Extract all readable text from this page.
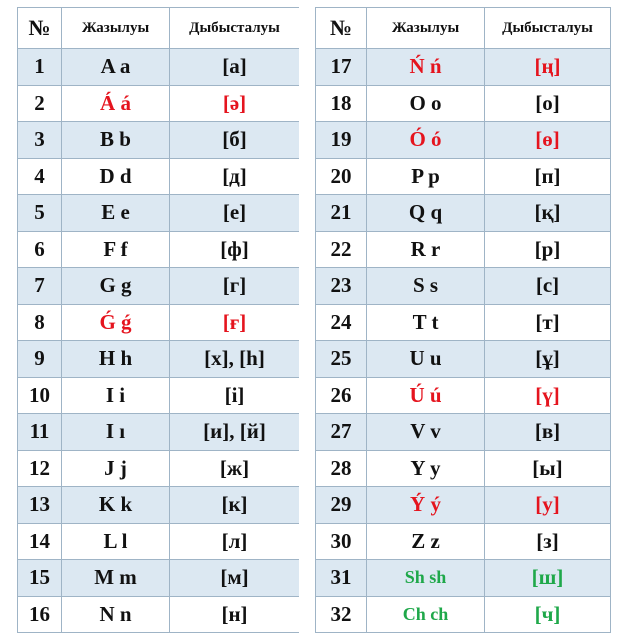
№	Жазылуы	Дыбысталуы
1	A a	[а]
2	Á á	[ә]
3	B b	[б]
4	D d	[д]
5	E e	[е]
6	F f	[ф]
7	G g	[г]
8	Ǵ ǵ	[ғ]
9	H h	[х], [h]
10	I i	[і]
11	I ı	[и], [й]
12	J j	[ж]
13	K k	[к]
14	L l	[л]
15	M m	[м]
16	N n	[н]
№	Жазылуы	Дыбысталуы
17	Ń ń	[ң]
18	O o	[о]
19	Ó ó	[ө]
20	P p	[п]
21	Q q	[қ]
22	R r	[р]
23	S s	[с]
24	T t	[т]
25	U u	[ұ]
26	Ú ú	[ү]
27	V v	[в]
28	Y y	[ы]
29	Ý ý	[у]
30	Z z	[з]
31	Sh sh	[ш]
32	Ch ch	[ч]
